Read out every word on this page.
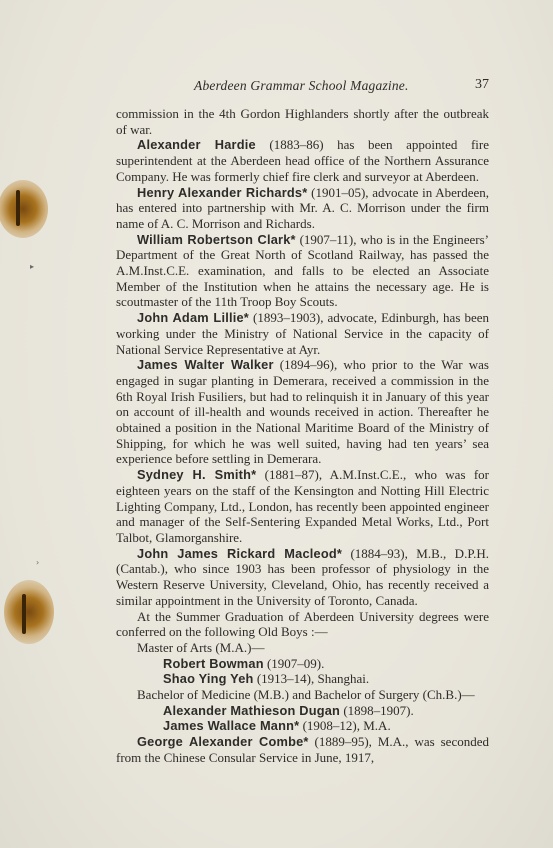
▸
›
Aberdeen Grammar School Magazine.	37

commission in the 4th Gordon Highlanders shortly after the outbreak of war.

Alexander Hardie (1883–86) has been appointed fire superintendent at the Aberdeen head office of the Northern Assurance Company. He was formerly chief fire clerk and surveyor at Aberdeen.

Henry Alexander Richards* (1901–05), advocate in Aberdeen, has entered into partnership with Mr. A. C. Morrison under the firm name of A. C. Morrison and Richards.

William Robertson Clark* (1907–11), who is in the Engineers’ Department of the Great North of Scotland Railway, has passed the A.M.Inst.C.E. examination, and falls to be elected an Associate Member of the Institution when he attains the necessary age. He is scoutmaster of the 11th Troop Boy Scouts.

John Adam Lillie* (1893–1903), advocate, Edinburgh, has been working under the Ministry of National Service in the capacity of National Service Representative at Ayr.

James Walter Walker (1894–96), who prior to the War was engaged in sugar planting in Demerara, received a commission in the 6th Royal Irish Fusiliers, but had to relinquish it in January of this year on account of ill-health and wounds received in action. Thereafter he obtained a position in the National Maritime Board of the Ministry of Shipping, for which he was well suited, having had ten years’ sea experience before settling in Demerara.

Sydney H. Smith* (1881–87), A.M.Inst.C.E., who was for eighteen years on the staff of the Kensington and Notting Hill Electric Lighting Company, Ltd., London, has recently been appointed engineer and manager of the Self-Sentering Expanded Metal Works, Ltd., Port Talbot, Glamorganshire.

John James Rickard Macleod* (1884–93), M.B., D.P.H. (Cantab.), who since 1903 has been professor of physiology in the Western Reserve University, Cleveland, Ohio, has recently received a similar appointment in the University of Toronto, Canada.

At the Summer Graduation of Aberdeen University degrees were conferred on the following Old Boys :—

Master of Arts (M.A.)—

Robert Bowman (1907–09).

Shao Ying Yeh (1913–14), Shanghai.

Bachelor of Medicine (M.B.) and Bachelor of Surgery (Ch.B.)—

Alexander Mathieson Dugan (1898–1907).

James Wallace Mann* (1908–12), M.A.

George Alexander Combe* (1889–95), M.A., was seconded from the Chinese Consular Service in June, 1917,
